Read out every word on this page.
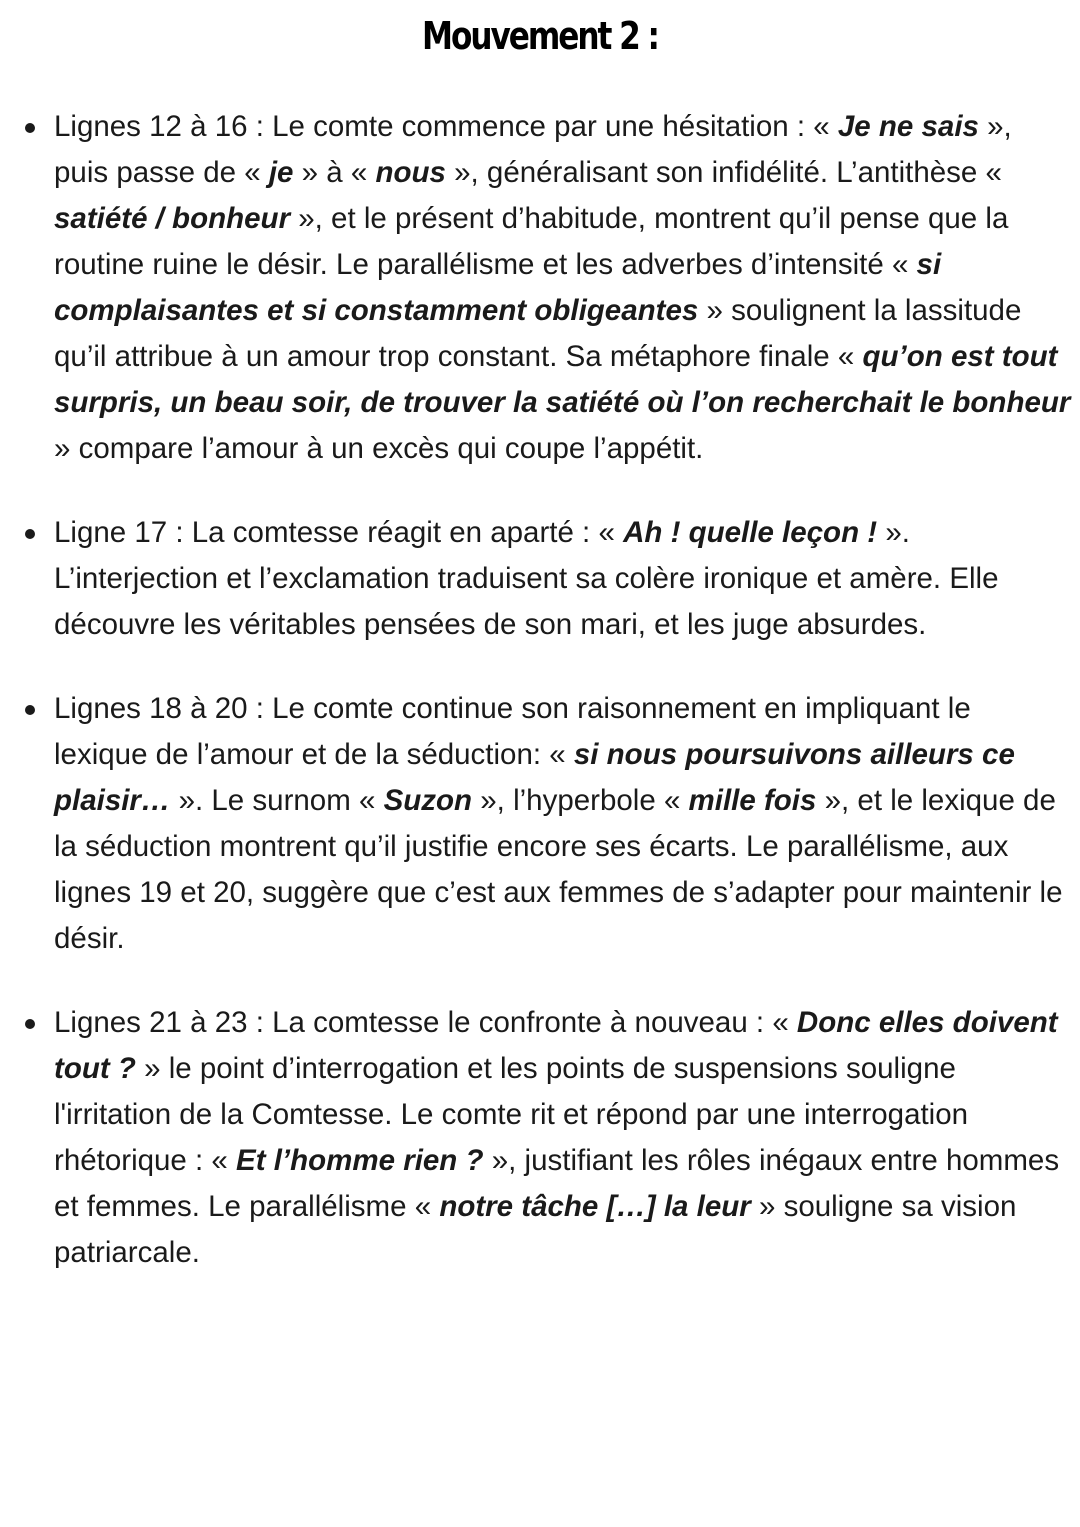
Mouvement 2 :
Lignes 12 à 16 : Le comte commence par une hésitation : « Je ne sais », puis passe de « je » à « nous », généralisant son infidélité. L’antithèse « satiété / bonheur », et le présent d’habitude, montrent qu’il pense que la routine ruine le désir. Le parallélisme et les adverbes d’intensité « si complaisantes et si constamment obligeantes » soulignent la lassitude qu’il attribue à un amour trop constant. Sa métaphore finale « qu’on est tout surpris, un beau soir, de trouver la satiété où l’on recherchait le bonheur » compare l’amour à un excès qui coupe l’appétit.
Ligne 17 : La comtesse réagit en aparté : « Ah ! quelle leçon ! ». L’interjection et l’exclamation traduisent sa colère ironique et amère. Elle découvre les véritables pensées de son mari, et les juge absurdes.
Lignes 18 à 20 : Le comte continue son raisonnement en impliquant le lexique de l’amour et de la séduction: « si nous poursuivons ailleurs ce plaisir… ». Le surnom « Suzon », l’hyperbole « mille fois », et le lexique de la séduction montrent qu’il justifie encore ses écarts. Le parallélisme, aux lignes 19 et 20, suggère que c’est aux femmes de s’adapter pour maintenir le désir.
Lignes 21 à 23 : La comtesse le confronte à nouveau : « Donc elles doivent tout ? » le point d’interrogation et les points de suspensions souligne l'irritation de la Comtesse. Le comte rit et répond par une interrogation rhétorique : « Et l’homme rien ? », justifiant les rôles inégaux entre hommes et femmes. Le parallélisme « notre tâche […] la leur » souligne sa vision patriarcale.
